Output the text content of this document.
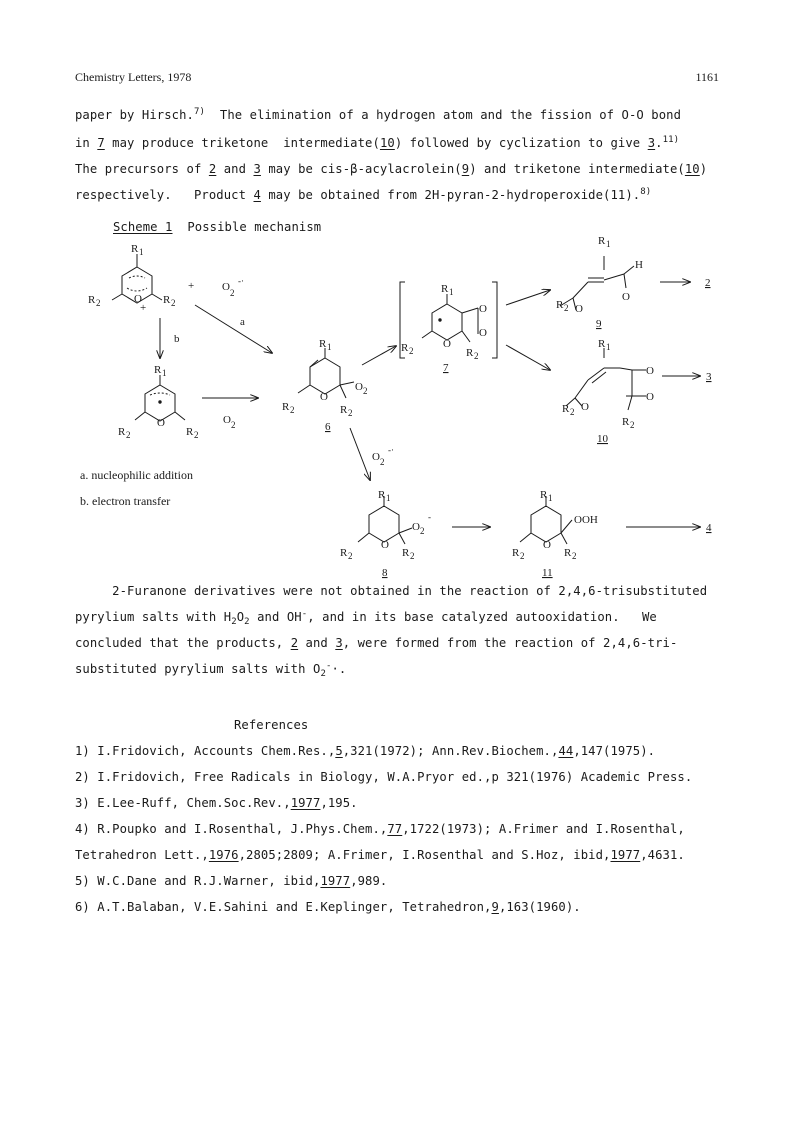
Chemistry Letters, 1978	1161
paper by Hirsch.$^{7)}$  The elimination of a hydrogen atom and the fission of O-O bond
in 7 may produce triketone  intermediate(10) followed by cyclization to give 3.$^{11)}$
The precursors of 2 and 3 may be cis-β-acylacrolein(9) and triketone intermediate(10)
respectively.   Product 4 may be obtained from 2H-pyran-2-hydroperoxide(11).$^{8)}$
Scheme 1  Possible mechanism
R 1
R 2	R 2
O
+
+	O 2
-·
b
a
R 1
R 2	R 2
O	O 2
R 1
R 2	R 2
O
O 2
6
O 2
-·
R 1
R 2	R 2
O
O
O
7
R 1
H
O
O
R 2
9
2
R 1
O
O
O
R 2
R 2
10
3
R 1
O 2
-
R 2	R 2
O
8
R 1
OOH
R 2	R 2
O
11
4
a. nucleophilic addition
b. electron transfer
2-Furanone derivatives were not obtained in the reaction of 2,4,6-trisubstituted
pyrylium salts with $H_2O_2$ and OH-, and in its base catalyzed autooxidation.   We
concluded that the products, 2 and 3, were formed from the reaction of 2,4,6-tri-
substituted pyrylium salts with $O_2^-\cdot$.
References
1) I.Fridovich, Accounts Chem.Res.,5,321(1972); Ann.Rev.Biochem.,44,147(1975).
2) I.Fridovich, Free Radicals in Biology, W.A.Pryor ed.,p 321(1976) Academic Press.
3) E.Lee-Ruff, Chem.Soc.Rev.,1977,195.
4) R.Poupko and I.Rosenthal, J.Phys.Chem.,77,1722(1973); A.Frimer and I.Rosenthal,
Tetrahedron Lett.,1976,2805;2809; A.Frimer, I.Rosenthal and S.Hoz, ibid,1977,4631.
5) W.C.Dane and R.J.Warner, ibid,1977,989.
6) A.T.Balaban, V.E.Sahini and E.Keplinger, Tetrahedron,9,163(1960).
